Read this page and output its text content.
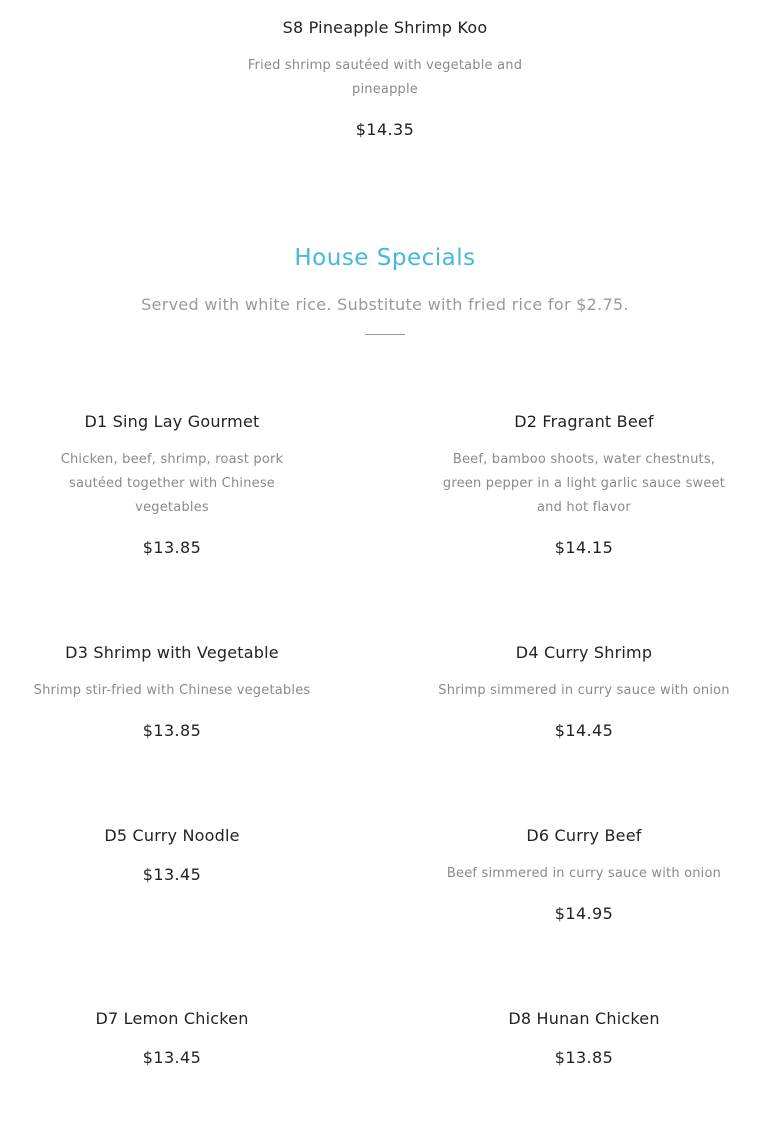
S8 Pineapple Shrimp Koo
Fried shrimp sautéed with vegetable and pineapple
$14.35
House Specials
Served with white rice. Substitute with fried rice for $2.75.
D1 Sing Lay Gourmet
Chicken, beef, shrimp, roast pork sautéed together with Chinese vegetables
$13.85
D2 Fragrant Beef
Beef, bamboo shoots, water chestnuts, green pepper in a light garlic sauce sweet and hot flavor
$14.15
D3 Shrimp with Vegetable
Shrimp stir-fried with Chinese vegetables
$13.85
D4 Curry Shrimp
Shrimp simmered in curry sauce with onion
$14.45
D5 Curry Noodle
$13.45
D6 Curry Beef
Beef simmered in curry sauce with onion
$14.95
D7 Lemon Chicken
$13.45
D8 Hunan Chicken
$13.85
